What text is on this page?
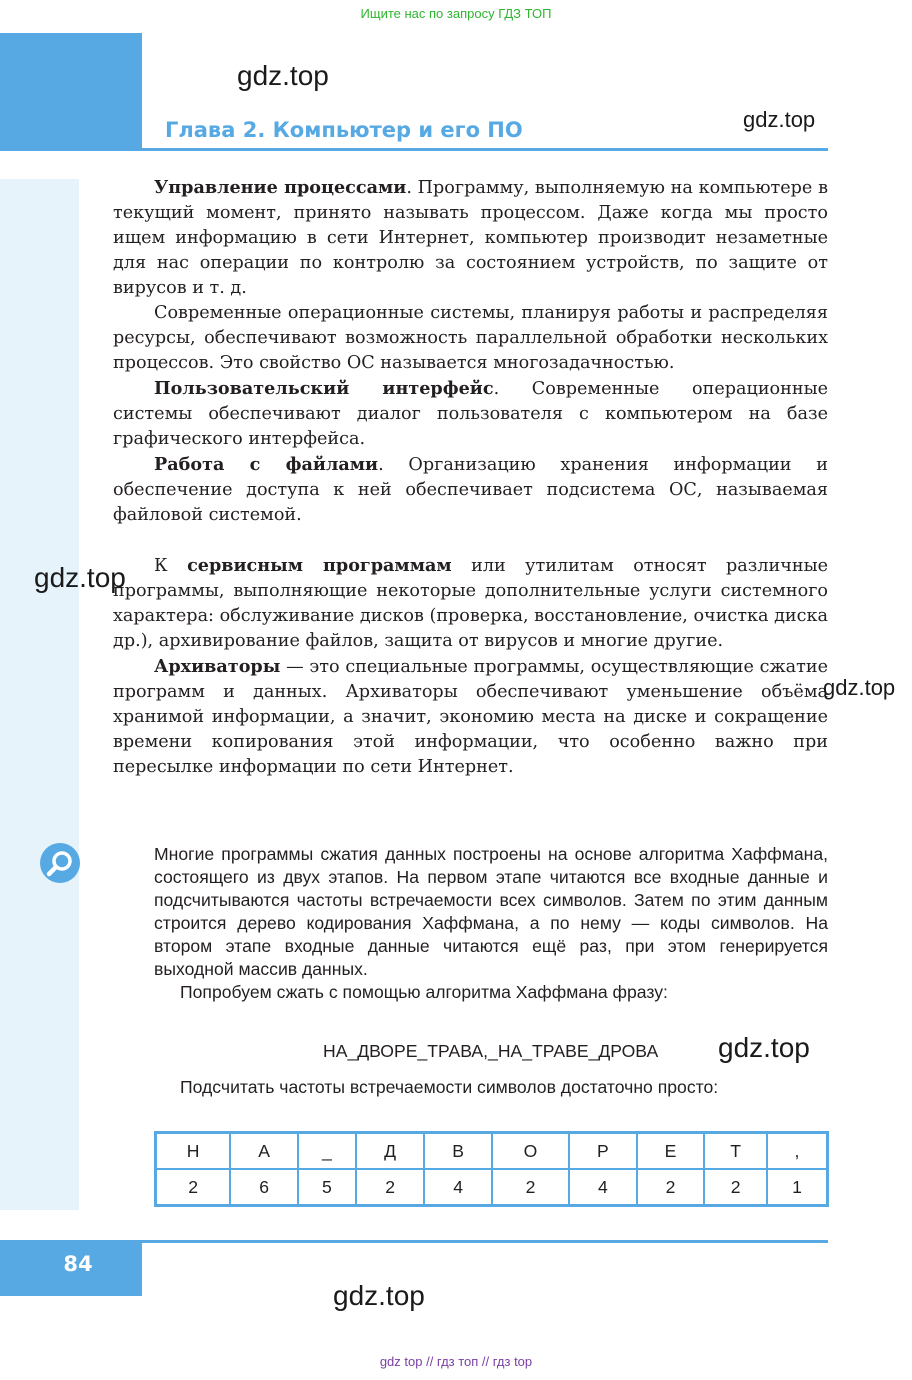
Ищите нас по запросу ГДЗ ТОП
gdz.top
Глава 2. Компьютер и его ПО	gdz.top

Управление процессами. Программу, выполняемую на компьютере в текущий момент, принято называть процессом. Даже когда мы просто ищем информацию в сети Интернет, компьютер производит незаметные для нас операции по контролю за состоянием устройств, по защите от вирусов и т. д.

Современные операционные системы, планируя работы и распределяя ресурсы, обеспечивают возможность параллельной обработки нескольких процессов. Это свойство ОС называется многозадачностью.

Пользовательский интерфейс. Современные операционные системы обеспечивают диалог пользователя с компьютером на базе графического интерфейса.

Работа с файлами. Организацию хранения информации и обеспечение доступа к ней обеспечивает подсистема ОС, называемая файловой системой.

К сервисным программам или утилитам относят различные программы, выполняющие некоторые дополнительные услуги системного характера: обслуживание дисков (проверка, восстановление, очистка диска др.), архивирование файлов, защита от вирусов и многие другие.

Архиваторы — это специальные программы, осуществляющие сжатие программ и данных. Архиваторы обеспечивают уменьшение объёма хранимой информации, а значит, экономию места на диске и сокращение времени копирования этой информации, что особенно важно при пересылке информации по сети Интернет.

gdz.top
gdz.top

Многие программы сжатия данных построены на основе алгоритма Хаффмана, состоящего из двух этапов. На первом этапе читаются все входные данные и подсчитываются частоты встречаемости всех символов. Затем по этим данным строится дерево кодирования Хаффмана, а по нему — коды символов. На втором этапе входные данные читаются ещё раз, при этом генерируется выходной массив данных.

Попробуем сжать с помощью алгоритма Хаффмана фразу:

НА_ДВОРЕ_ТРАВА,_НА_ТРАВЕ_ДРОВА gdz.top
Подсчитать частоты встречаемости символов достаточно просто:
Н	А	_	Д	В	О	Р	Е	Т	,
2	6	5	2	4	2	4	2	2	1
84
gdz.top
gdz top // гдз топ // гдз top
